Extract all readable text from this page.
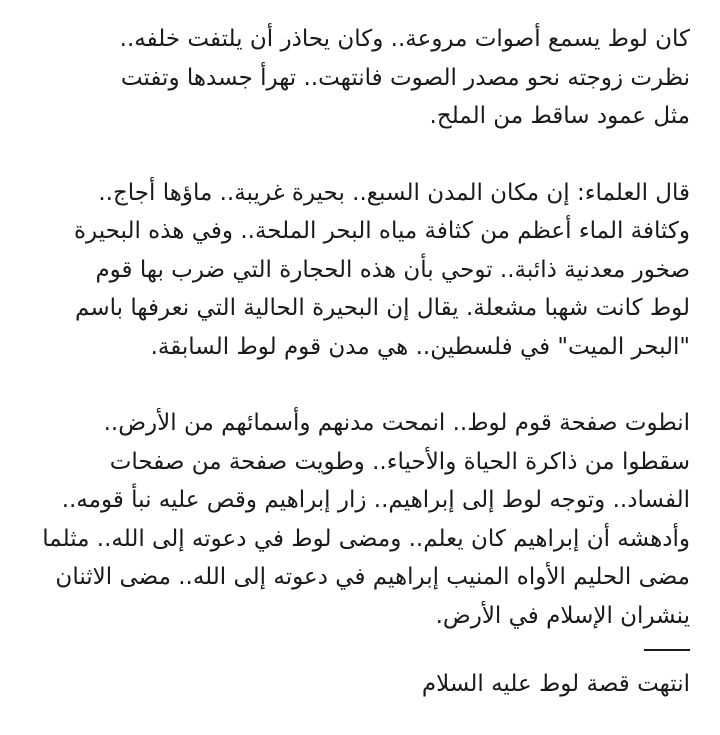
كان لوط يسمع أصوات مروعة.. وكان يحاذر أن يلتفت خلفه..
نظرت زوجته نحو مصدر الصوت فانتهت.. تهرأ جسدها وتفتت
مثل عمود ساقط من الملح.

قال العلماء: إن مكان المدن السبع.. بحيرة غريبة.. ماؤها أجاج..
وكثافة الماء أعظم من كثافة مياه البحر الملحة.. وفي هذه البحيرة
صخور معدنية ذائبة.. توحي بأن هذه الحجارة التي ضرب بها قوم
لوط كانت شهبا مشعلة. يقال إن البحيرة الحالية التي نعرفها باسم
"البحر الميت" في فلسطين.. هي مدن قوم لوط السابقة.

انطوت صفحة قوم لوط.. انمحت مدنهم وأسمائهم من الأرض..
سقطوا من ذاكرة الحياة والأحياء.. وطويت صفحة من صفحات
الفساد.. وتوجه لوط إلى إبراهيم.. زار إبراهيم وقص عليه نبأ قومه..
وأدهشه أن إبراهيم كان يعلم.. ومضى لوط في دعوته إلى الله.. مثلما
مضى الحليم الأواه المنيب إبراهيم في دعوته إلى الله.. مضى الاثنان
ينشران الإسلام في الأرض.

انتهت قصة لوط عليه السلام
